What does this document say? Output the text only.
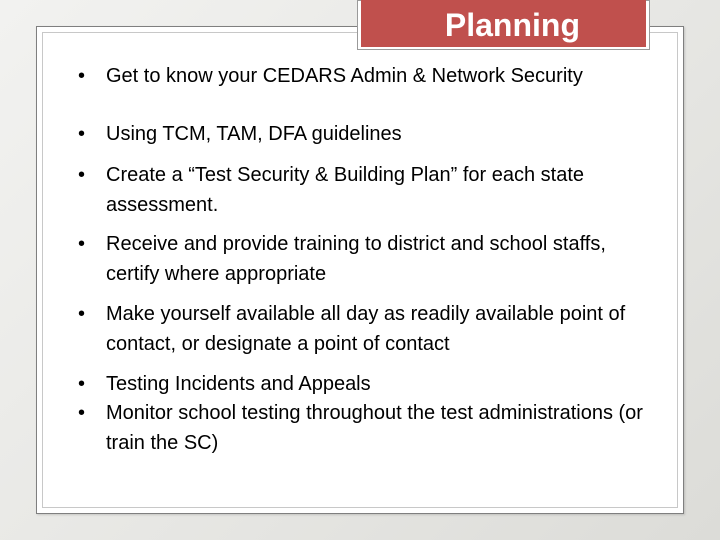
Planning
•	Get to know your CEDARS Admin & Network Security
•	Using TCM, TAM, DFA guidelines
•	Create a “Test Security & Building Plan” for each state assessment.
•	Receive and provide training to district and school staffs, certify where appropriate
•	Make yourself available all day as readily available point of contact, or designate a point of contact
•	Testing Incidents and Appeals
•	Monitor school testing throughout the test administrations (or train the SC)
